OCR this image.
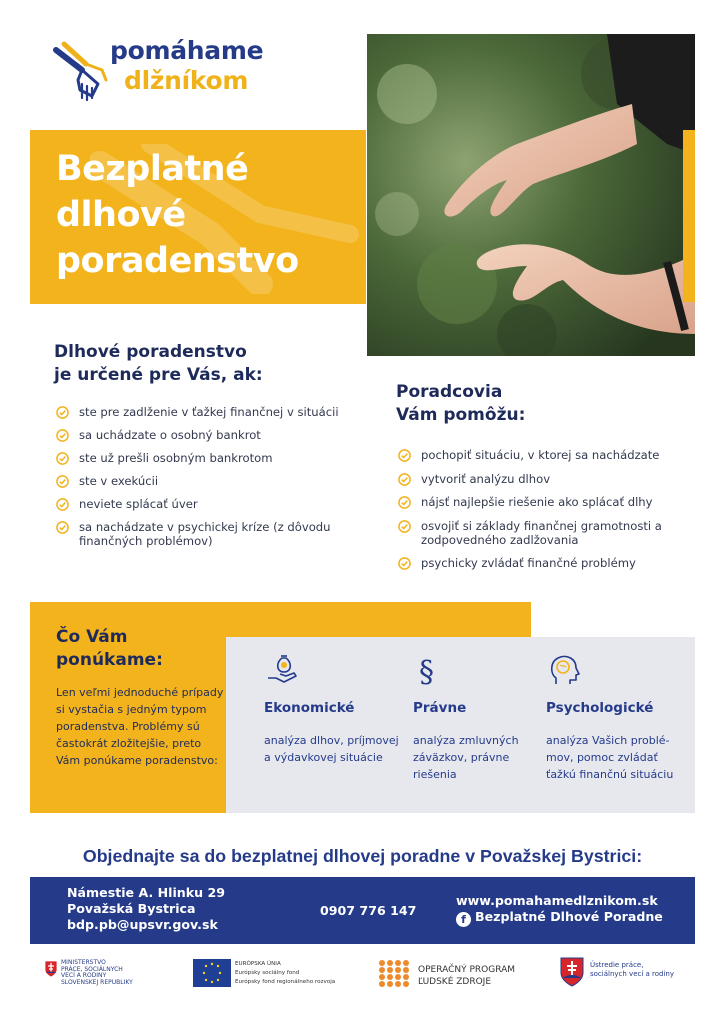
pomáhame
dlžníkom
Bezplatné
dlhové
poradenstvo
Dlhové poradenstvo
je určené pre Vás, ak:
ste pre zadlženie v ťažkej finančnej v situácii
sa uchádzate o osobný bankrot
ste už prešli osobným bankrotom
ste v exekúcii
neviete splácať úver
sa nachádzate v psychickej kríze (z dôvodu finančných problémov)
Poradcovia
Vám pomôžu:
pochopiť situáciu, v ktorej sa nachádzate
vytvoriť analýzu dlhov
nájsť najlepšie riešenie ako splácať dlhy
osvojiť si základy finančnej gramotnosti a zodpovedného zadlžovania
psychicky zvládať finančné problémy
Čo Vám
ponúkame:
Len veľmi jednoduché prípady si vystačia s jedným typom poradenstva. Problémy sú častokrát zložitejšie, preto Vám ponúkame poradenstvo:
Ekonomické
analýza dlhov, príjmovej a výdavkovej situácie
§
Právne
analýza zmluvných záväzkov, právne riešenia
Psychologické
analýza Vašich problé- mov, pomoc zvládať ťažkú finančnú situáciu
Objednajte sa do bezplatnej dlhovej poradne v Považskej Bystrici:
Námestie A. Hlinku 29
Považská Bystrica
bdp.pb@upsvr.gov.sk
0907 776 147
www.pomahamedlznikom.sk
f Bezplatné Dlhové Poradne
MINISTERSTVO
PRÁCE, SOCIÁLNYCH
VECÍ A RODINY
SLOVENSKEJ REPUBLIKY
EURÓPSKA ÚNIA
Európsky sociálny fond
Európsky fond regionálneho rozvoja
OPERAČNÝ PROGRAM
ĽUDSKÉ ZDROJE
Ústredie práce,
sociálnych vecí a rodiny
